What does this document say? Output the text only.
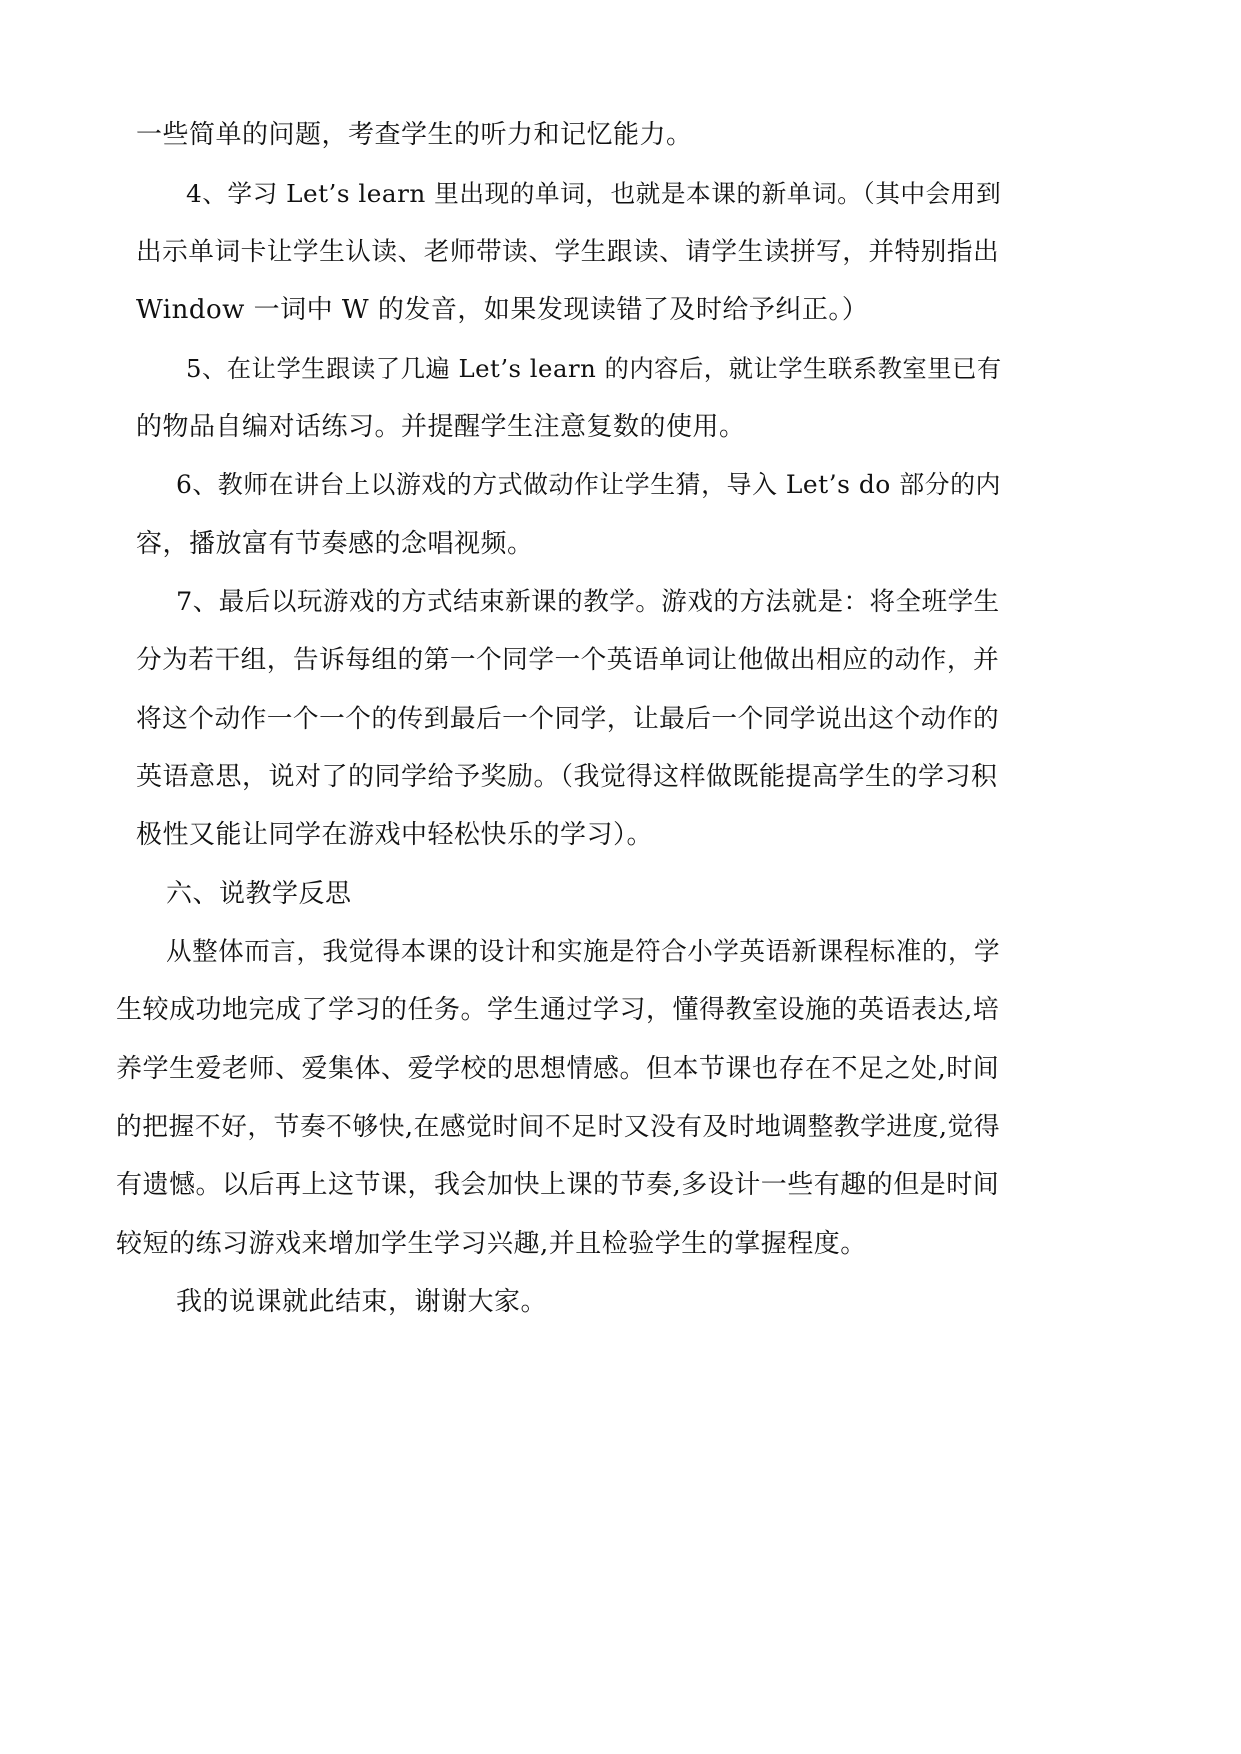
一些简单的问题，考查学生的听力和记忆能力。
4、学习 Let’s learn 里出现的单词，也就是本课的新单词。（其中会用到
出示单词卡让学生认读、老师带读、学生跟读、请学生读拼写，并特别指出
Window 一词中 W 的发音，如果发现读错了及时给予纠正。）
5、在让学生跟读了几遍 Let’s learn 的内容后，就让学生联系教室里已有
的物品自编对话练习。并提醒学生注意复数的使用。
6、教师在讲台上以游戏的方式做动作让学生猜，导入 Let’s do 部分的内
容，播放富有节奏感的念唱视频。
7、最后以玩游戏的方式结束新课的教学。游戏的方法就是：将全班学生
分为若干组，告诉每组的第一个同学一个英语单词让他做出相应的动作，并
将这个动作一个一个的传到最后一个同学，让最后一个同学说出这个动作的
英语意思，说对了的同学给予奖励。（我觉得这样做既能提高学生的学习积
极性又能让同学在游戏中轻松快乐的学习）。
六、说教学反思
从整体而言，我觉得本课的设计和实施是符合小学英语新课程标准的，学
生较成功地完成了学习的任务。学生通过学习，懂得教室设施的英语表达,培
养学生爱老师、爱集体、爱学校的思想情感。但本节课也存在不足之处,时间
的把握不好，节奏不够快,在感觉时间不足时又没有及时地调整教学进度,觉得
有遗憾。以后再上这节课，我会加快上课的节奏,多设计一些有趣的但是时间
较短的练习游戏来增加学生学习兴趣,并且检验学生的掌握程度。
我的说课就此结束，谢谢大家。
